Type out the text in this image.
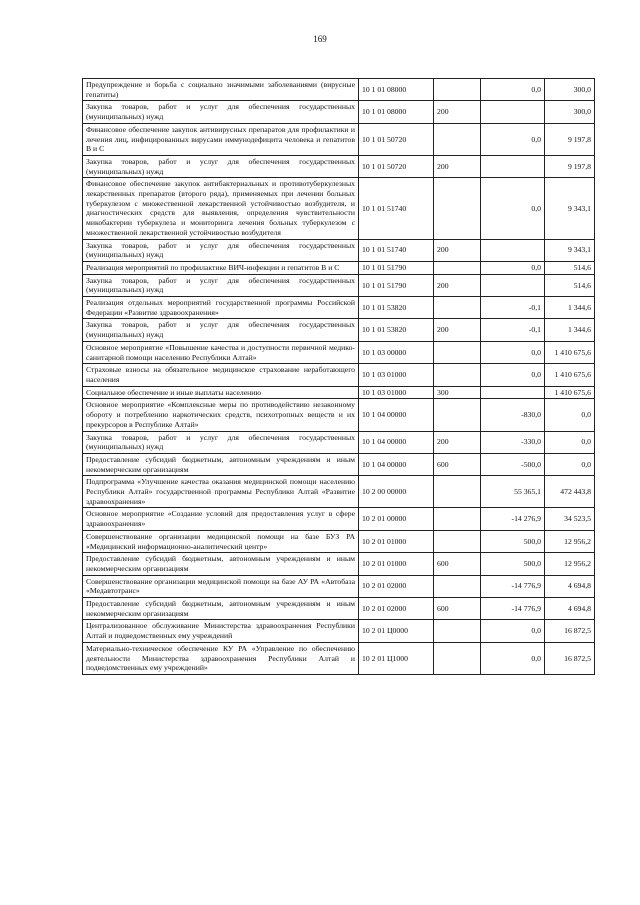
169
Предупреждение и борьба с социально значимыми заболеваниями (вирусные гепатиты)	10 1 01 08000		0,0	300,0
Закупка товаров, работ и услуг для обеспечения государственных (муниципальных) нужд	10 1 01 08000	200		300,0
Финансовое обеспечение закупок антивирусных препаратов для профилактики и лечения лиц, инфицированных вирусами иммунодефицита человека и гепатитов В и С	10 1 01 50720		0,0	9 197,8
Закупка товаров, работ и услуг для обеспечения государственных (муниципальных) нужд	10 1 01 50720	200		9 197,8
Финансовое обеспечение закупок антибактериальных и противотуберкулезных лекарственных препаратов (второго ряда), применяемых при лечении больных туберкулезом с множественной лекарственной устойчивостью возбудителя, и диагностических средств для выявления, определения чувствительности микобактерии туберкулеза и мониторинга лечения больных туберкулезом с множественной лекарственной устойчивостью возбудителя	10 1 01 51740		0,0	9 343,1
Закупка товаров, работ и услуг для обеспечения государственных (муниципальных) нужд	10 1 01 51740	200		9 343,1
Реализация мероприятий по профилактике ВИЧ-инфекции и гепатитов В и С	10 1 01 51790		0,0	514,6
Закупка товаров, работ и услуг для обеспечения государственных (муниципальных) нужд	10 1 01 51790	200		514,6
Реализация отдельных мероприятий государственной программы Российской Федерации «Развитие здравоохранения»	10 1 01 53820		-0,1	1 344,6
Закупка товаров, работ и услуг для обеспечения государственных (муниципальных) нужд	10 1 01 53820	200	-0,1	1 344,6
Основное мероприятие «Повышение качества и доступности первичной медико-санитарной помощи населению Республики Алтай»	10 1 03 00000		0,0	1 410 675,6
Страховые взносы на обязательное медицинское страхование неработающего населения	10 1 03 01000		0,0	1 410 675,6
Социальное обеспечение и иные выплаты населению	10 1 03 01000	300		1 410 675,6
Основное мероприятие «Комплексные меры по противодействию незаконному обороту и потреблению наркотических средств, психотропных веществ и их прекурсоров в Республике Алтай»	10 1 04 00000		-830,0	0,0
Закупка товаров, работ и услуг для обеспечения государственных (муниципальных) нужд	10 1 04 00000	200	-330,0	0,0
Предоставление субсидий бюджетным, автономным учреждениям и иным некоммерческим организациям	10 1 04 00000	600	-500,0	0,0
Подпрограмма «Улучшение качества оказания медицинской помощи населению Республики Алтай» государственной программы Республики Алтай «Развитие здравоохранения»	10 2 00 00000		55 365,1	472 443,8
Основное мероприятие «Создание условий для предоставления услуг в сфере здравоохранения»	10 2 01 00000		-14 276,9	34 523,5
Совершенствование организации медицинской помощи на базе БУЗ РА «Медицинский информационно-аналитический центр»	10 2 01 01000		500,0	12 956,2
Предоставление субсидий бюджетным, автономным учреждениям и иным некоммерческим организациям	10 2 01 01000	600	500,0	12 956,2
Совершенствование организации медицинской помощи на базе АУ РА «Автобаза «Медавтотранс»	10 2 01 02000		-14 776,9	4 694,8
Предоставление субсидий бюджетным, автономным учреждениям и иным некоммерческим организациям	10 2 01 02000	600	-14 776,9	4 694,8
Централизованное обслуживание Министерства здравоохранения Республики Алтай и подведомственных ему учреждений	10 2 01 Ц0000		0,0	16 872,5
Материально-техническое обеспечение КУ РА «Управление по обеспечению деятельности Министерства здравоохранения Республики Алтай и подведомственных ему учреждений»	10 2 01 Ц1000		0,0	16 872,5
